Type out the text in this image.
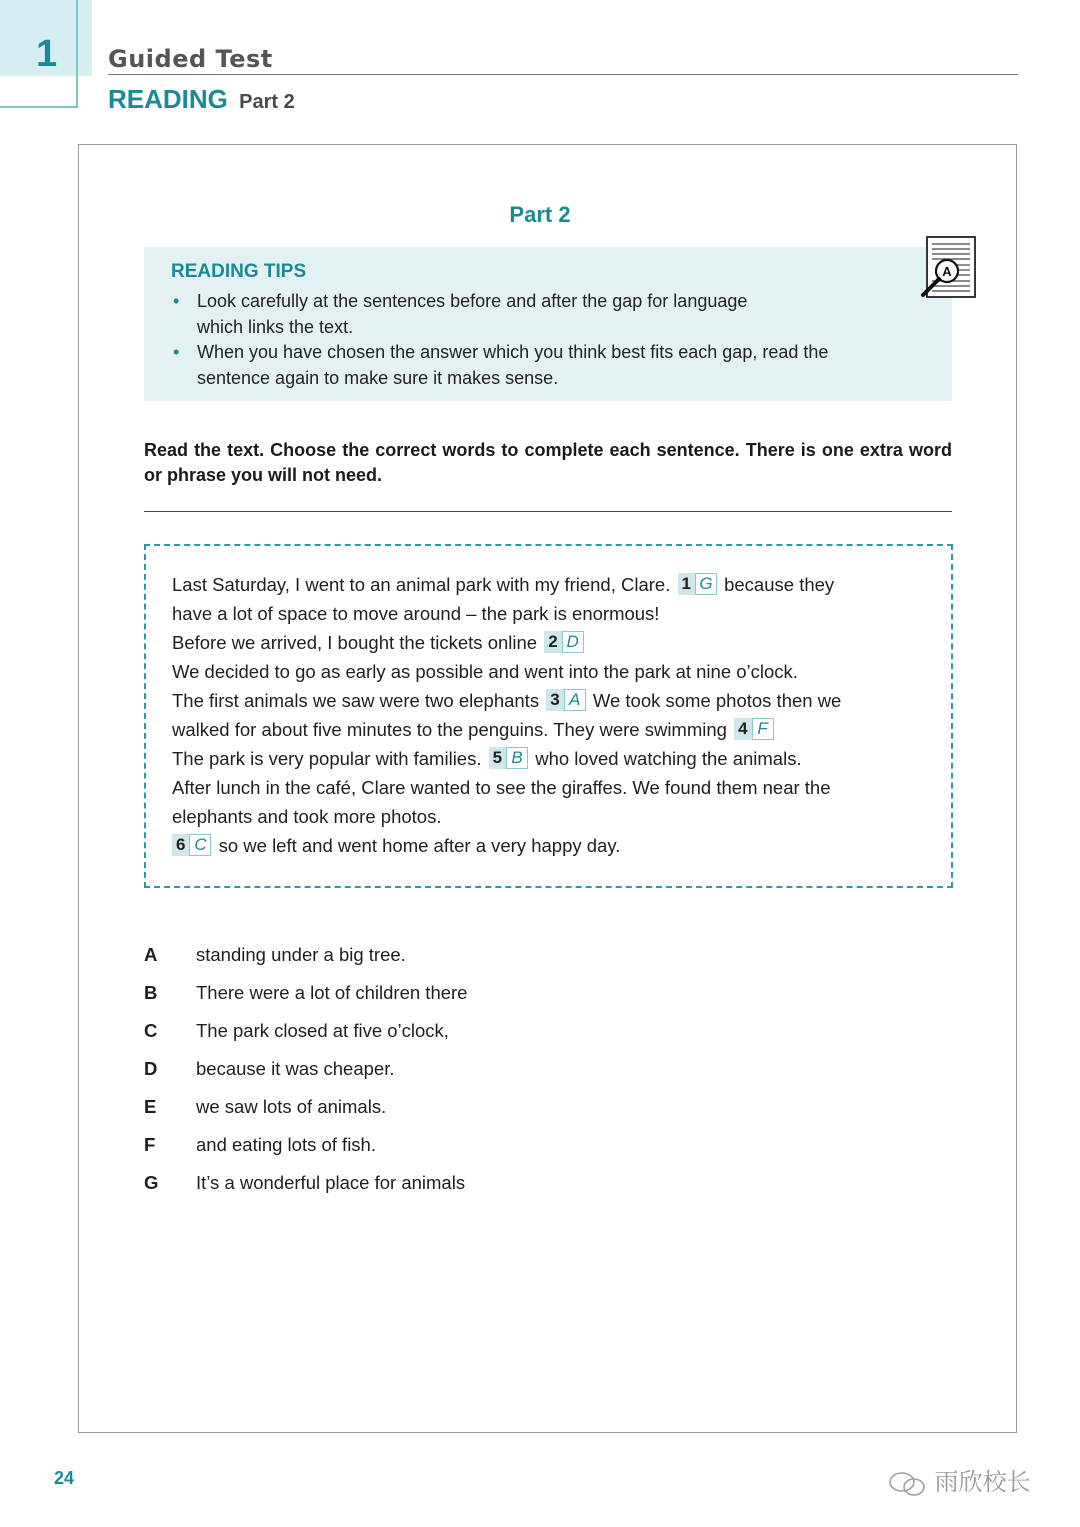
1 Guided Test
READING Part 2
Part 2
READING TIPS
• Look carefully at the sentences before and after the gap for language
which links the text.
• When you have chosen the answer which you think best fits each gap, read the
sentence again to make sure it makes sense.
A
Read the text. Choose the correct words to complete each sentence. There is one extra word or phrase you will not need.
Last Saturday, I went to an animal park with my friend, Clare. 1 G because they
have a lot of space to move around – the park is enormous!
Before we arrived, I bought the tickets online 2 D
We decided to go as early as possible and went into the park at nine o’clock.
The first animals we saw were two elephants 3 A We took some photos then we
walked for about five minutes to the penguins. They were swimming 4 F
The park is very popular with families. 5 B who loved watching the animals.
After lunch in the café, Clare wanted to see the giraffes. We found them near the
elephants and took more photos.
6 C so we left and went home after a very happy day.
A standing under a big tree.
B There were a lot of children there
C The park closed at five o’clock,
D because it was cheaper.
E we saw lots of animals.
F and eating lots of fish.
G It’s a wonderful place for animals
24	雨欣校长
